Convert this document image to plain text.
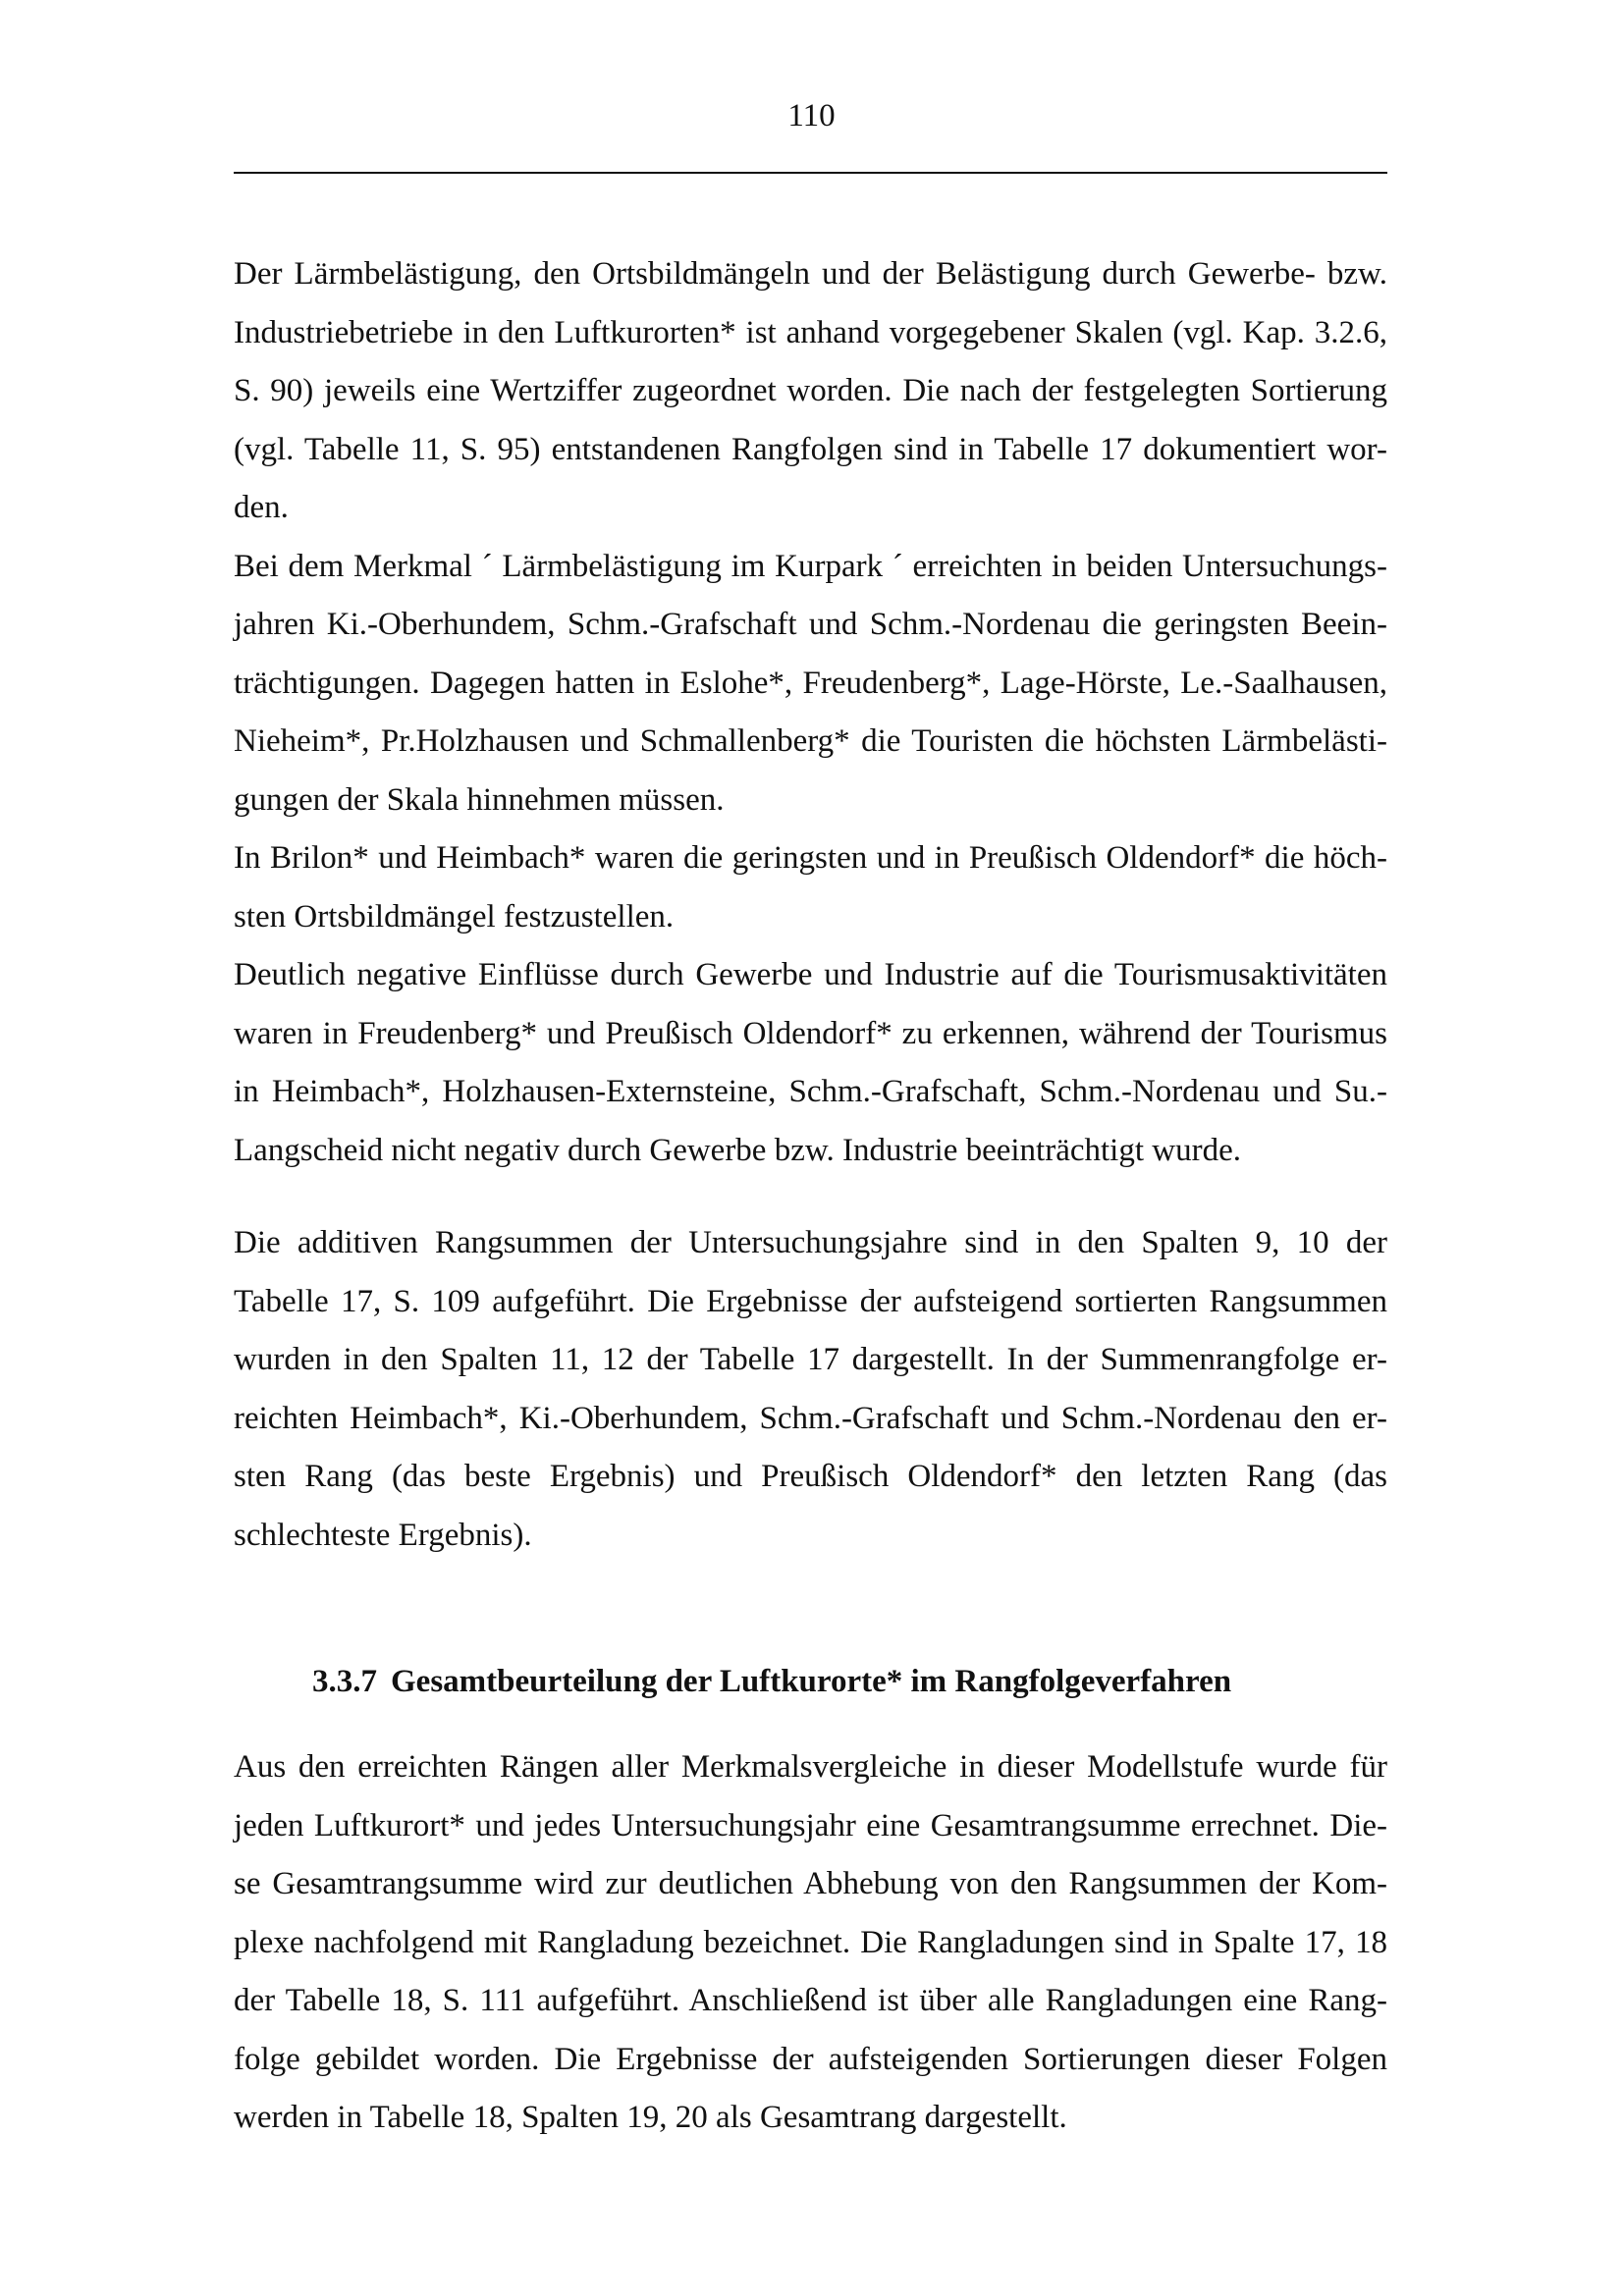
110
Der Lärmbelästigung, den Ortsbildmängeln und der Belästigung durch Gewerbe- bzw.
Industriebetriebe in den Luftkurorten* ist anhand vorgegebener Skalen (vgl. Kap. 3.2.6,
S. 90) jeweils eine Wertziffer zugeordnet worden. Die nach der festgelegten Sortierung
(vgl. Tabelle 11, S. 95) entstandenen Rangfolgen sind in Tabelle 17 dokumentiert wor-
den.
Bei dem Merkmal ´ Lärmbelästigung im Kurpark ´ erreichten in beiden Untersuchungs-
jahren Ki.-Oberhundem, Schm.-Grafschaft und Schm.-Nordenau die geringsten Beein-
trächtigungen. Dagegen hatten in Eslohe*, Freudenberg*, Lage-Hörste, Le.-Saalhausen,
Nieheim*, Pr.Holzhausen und Schmallenberg* die Touristen die höchsten Lärmbelästi-
gungen der Skala hinnehmen müssen.
In Brilon* und Heimbach* waren die geringsten und in Preußisch Oldendorf* die höch-
sten Ortsbildmängel festzustellen.
Deutlich negative Einflüsse durch Gewerbe und Industrie auf die Tourismusaktivitäten
waren in Freudenberg* und Preußisch Oldendorf* zu erkennen, während der Tourismus
in Heimbach*, Holzhausen-Externsteine, Schm.-Grafschaft, Schm.-Nordenau und Su.-
Langscheid nicht negativ durch Gewerbe bzw. Industrie beeinträchtigt wurde.
Die additiven Rangsummen der Untersuchungsjahre sind in den Spalten 9, 10 der
Tabelle 17, S. 109 aufgeführt. Die Ergebnisse der aufsteigend sortierten Rangsummen
wurden in den Spalten 11, 12 der Tabelle 17 dargestellt. In der Summenrangfolge er-
reichten Heimbach*, Ki.-Oberhundem, Schm.-Grafschaft und Schm.-Nordenau den er-
sten Rang (das beste Ergebnis) und Preußisch Oldendorf* den letzten Rang (das
schlechteste Ergebnis).
3.3.7 Gesamtbeurteilung der Luftkurorte* im Rangfolgeverfahren
Aus den erreichten Rängen aller Merkmalsvergleiche in dieser Modellstufe wurde für
jeden Luftkurort* und jedes Untersuchungsjahr eine Gesamtrangsumme errechnet. Die-
se Gesamtrangsumme wird zur deutlichen Abhebung von den Rangsummen der Kom-
plexe nachfolgend mit Rangladung bezeichnet. Die Rangladungen sind in Spalte 17, 18
der Tabelle 18, S. 111 aufgeführt. Anschließend ist über alle Rangladungen eine Rang-
folge gebildet worden. Die Ergebnisse der aufsteigenden Sortierungen dieser Folgen
werden in Tabelle 18, Spalten 19, 20 als Gesamtrang dargestellt.
